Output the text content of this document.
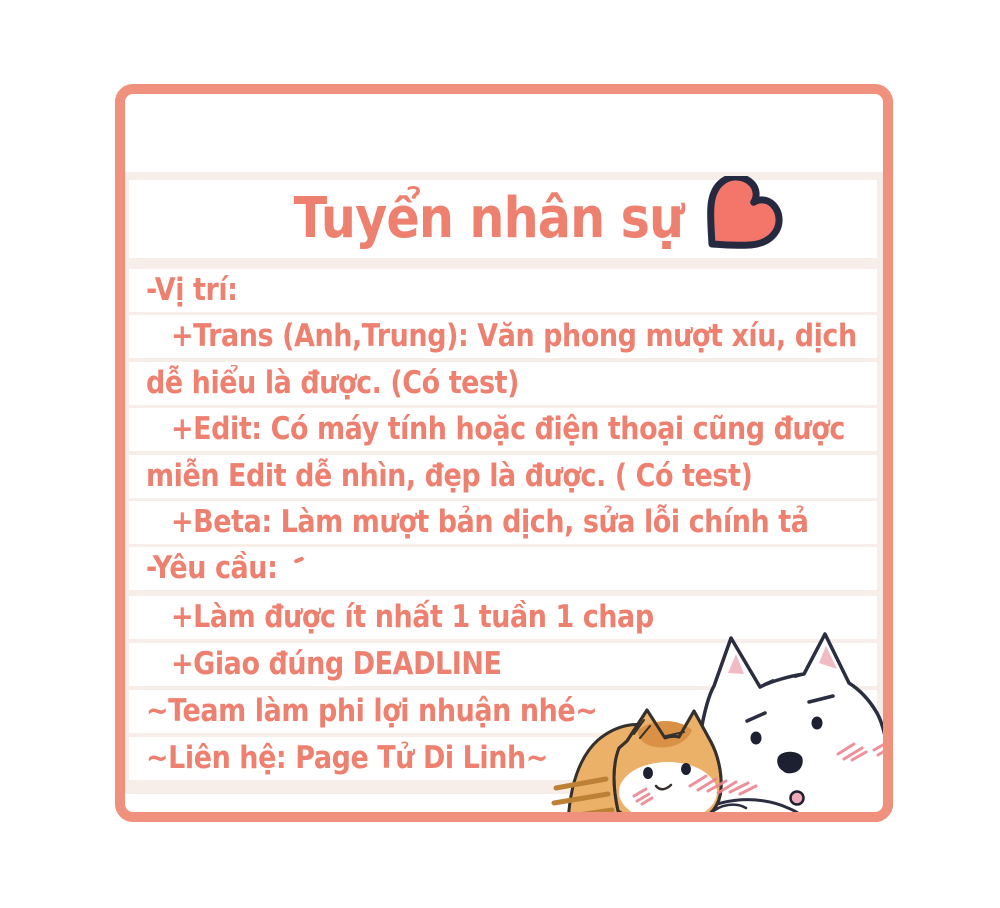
Tuyển nhân sự
-Vị trí:
+Trans (Anh,Trung): Văn phong mượt xíu, dịch
dễ hiểu là được. (Có test)
+Edit: Có máy tính hoặc điện thoại cũng được
miễn Edit dễ nhìn, đẹp là được. ( Có test)
+Beta: Làm mượt bản dịch, sửa lỗi chính tả
-Yêu cầu:
+Làm được ít nhất 1 tuần 1 chap
+Giao đúng DEADLINE
~Team làm phi lợi nhuận nhé~
~Liên hệ: Page Tử Di Linh~
